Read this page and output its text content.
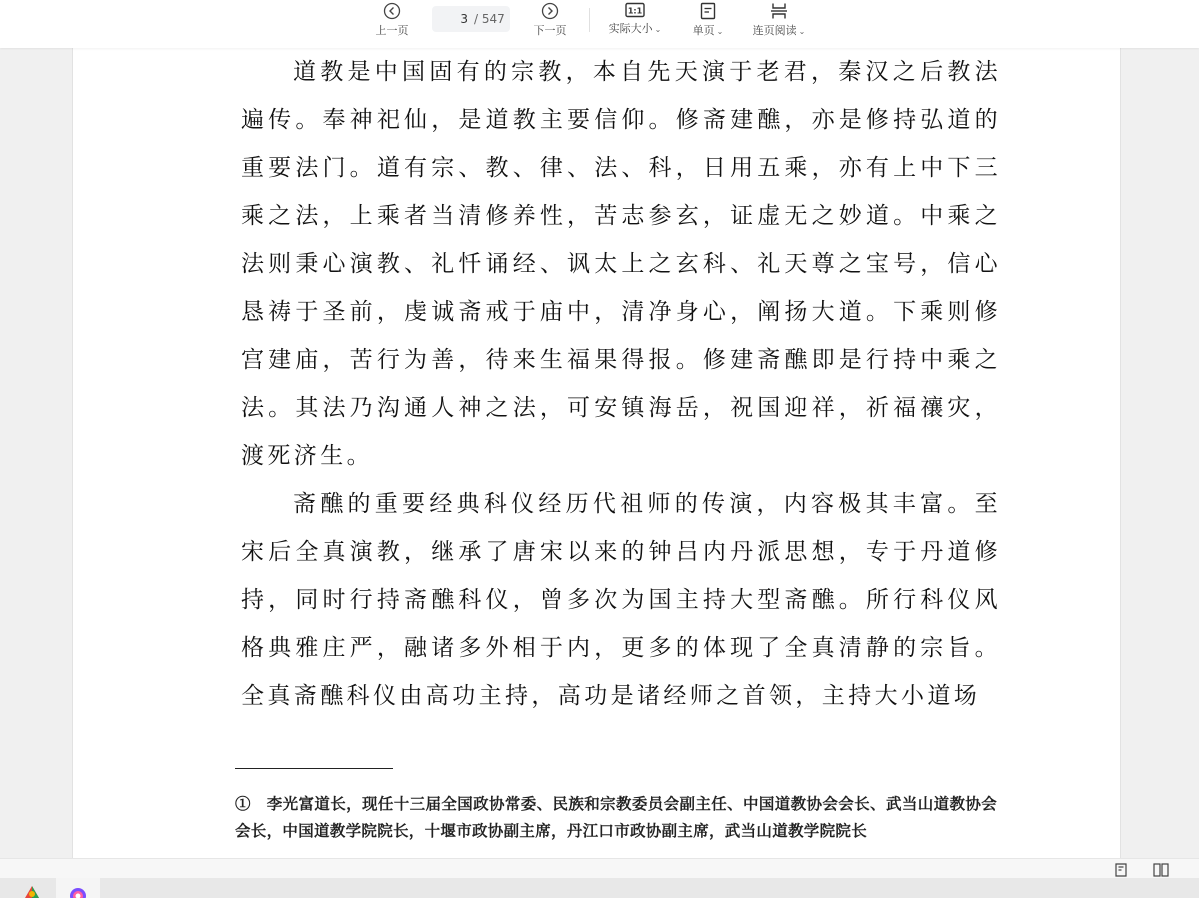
上一页
3
/ 547
下一页
1:1
实际大小 ⌄	单页 ⌄	连页阅读 ⌄

道教是中国固有的宗教，本自先天演于老君，秦汉之后教法遍传。奉神祀仙，是道教主要信仰。修斋建醮，亦是修持弘道的重要法门。道有宗、教、律、法、科，日用五乘，亦有上中下三乘之法，上乘者当清修养性，苦志参玄，证虚无之妙道。中乘之法则秉心演教、礼忏诵经、讽太上之玄科、礼天尊之宝号，信心恳祷于圣前，虔诚斋戒于庙中，清净身心，阐扬大道。下乘则修宫建庙，苦行为善，待来生福果得报。修建斋醮即是行持中乘之法。其法乃沟通人神之法，可安镇海岳，祝国迎祥，祈福禳灾，渡死济生。

斋醮的重要经典科仪经历代祖师的传演，内容极其丰富。至宋后全真演教，继承了唐宋以来的钟吕内丹派思想，专于丹道修持，同时行持斋醮科仪，曾多次为国主持大型斋醮。所行科仪风格典雅庄严，融诸多外相于内，更多的体现了全真清静的宗旨。全真斋醮科仪由高功主持，高功是诸经师之首领，主持大小道场

①　李光富道长，现任十三届全国政协常委、民族和宗教委员会副主任、中国道教协会会长、武当山道教协会会长，中国道教学院院长，十堰市政协副主席，丹江口市政协副主席，武当山道教学院院长
